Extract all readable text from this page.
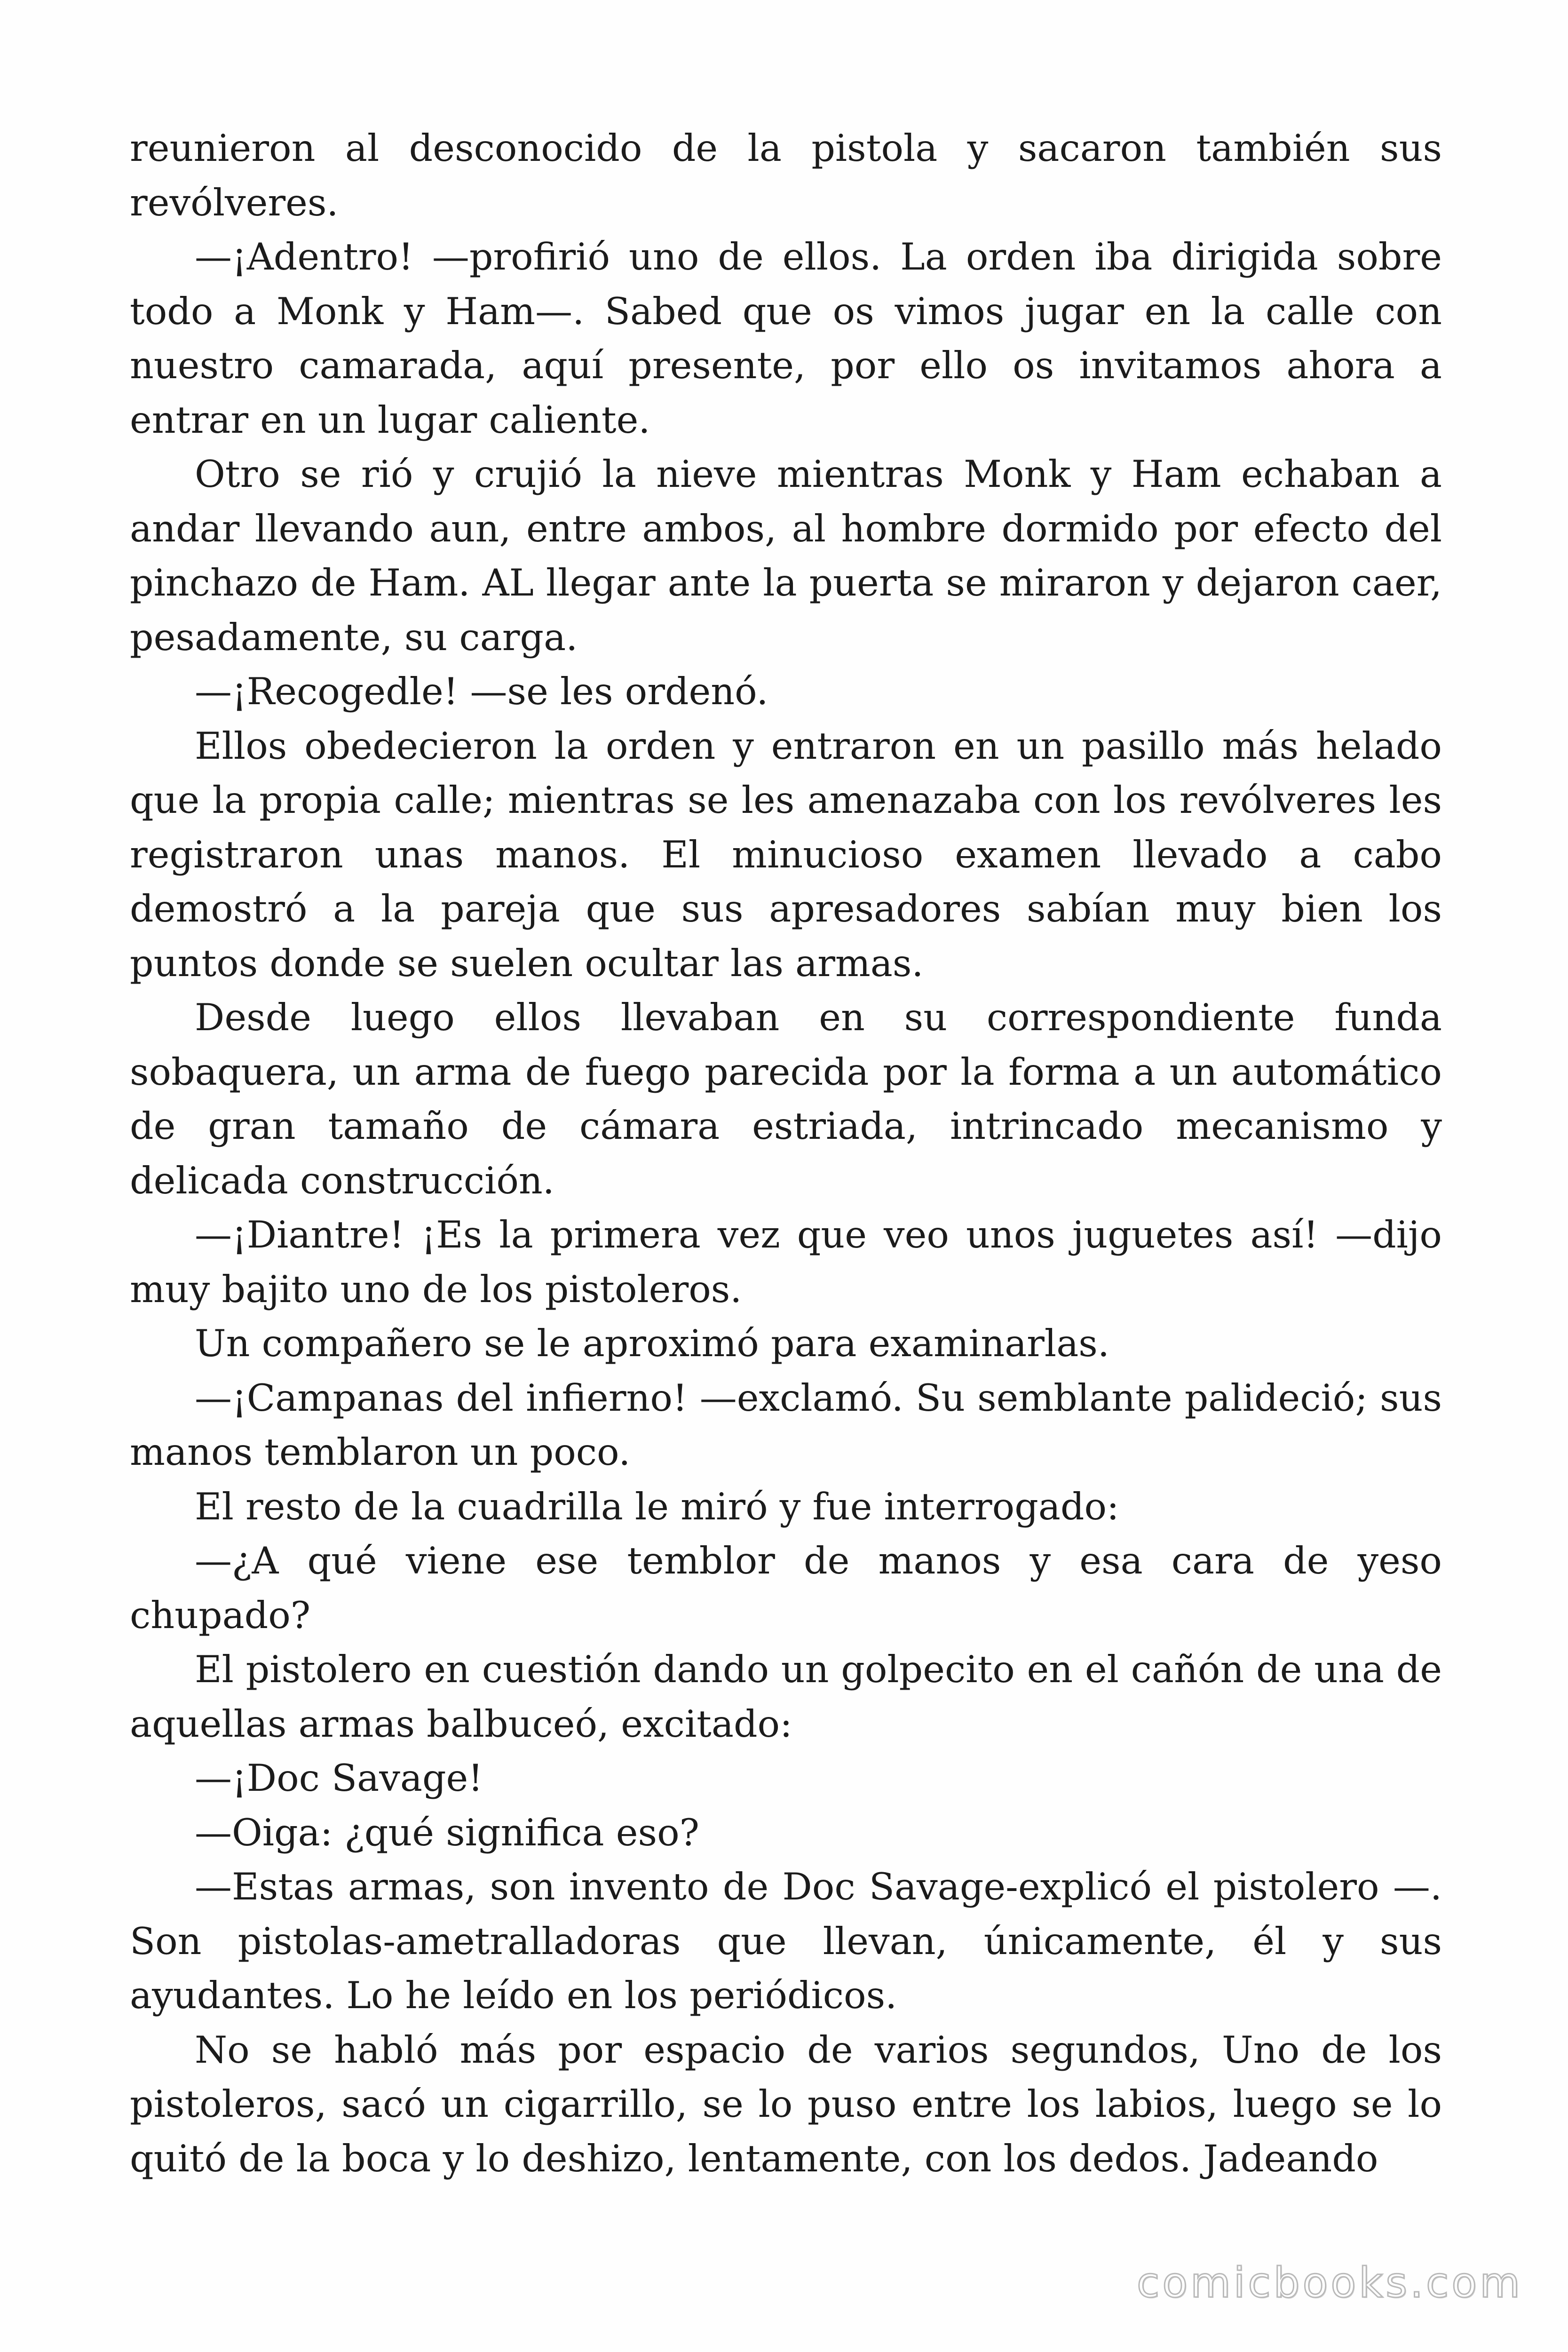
reunieron al desconocido de la pistola y sacaron también sus revólveres.

—¡Adentro! —profirió uno de ellos. La orden iba dirigida sobre todo a Monk y Ham—. Sabed que os vimos jugar en la calle con nuestro camarada, aquí presente, por ello os invitamos ahora a entrar en un lugar caliente.

Otro se rió y crujió la nieve mientras Monk y Ham echaban a andar llevando aun, entre ambos, al hombre dormido por efecto del pinchazo de Ham. AL llegar ante la puerta se miraron y dejaron caer, pesadamente, su carga.

—¡Recogedle! —se les ordenó.

Ellos obedecieron la orden y entraron en un pasillo más helado que la propia calle; mientras se les amenazaba con los revólveres les registraron unas manos. El minucioso examen llevado a cabo demostró a la pareja que sus apresadores sabían muy bien los puntos donde se suelen ocultar las armas.

Desde luego ellos llevaban en su correspondiente funda sobaquera, un arma de fuego parecida por la forma a un automático de gran tamaño de cámara estriada, intrincado mecanismo y delicada construcción.

—¡Diantre! ¡Es la primera vez que veo unos juguetes así! —dijo muy bajito uno de los pistoleros.

Un compañero se le aproximó para examinarlas.

—¡Campanas del infierno! —exclamó. Su semblante palideció; sus manos temblaron un poco.

El resto de la cuadrilla le miró y fue interrogado:

—¿A qué viene ese temblor de manos y esa cara de yeso chupado?

El pistolero en cuestión dando un golpecito en el cañón de una de aquellas armas balbuceó, excitado:

—¡Doc Savage!

—Oiga: ¿qué significa eso?

—Estas armas, son invento de Doc Savage-explicó el pistolero —. Son pistolas-ametralladoras que llevan, únicamente, él y sus ayudantes. Lo he leído en los periódicos.

No se habló más por espacio de varios segundos, Uno de los pistoleros, sacó un cigarrillo, se lo puso entre los labios, luego se lo quitó de la boca y lo deshizo, lentamente, con los dedos. Jadeando

comicbooks.com
